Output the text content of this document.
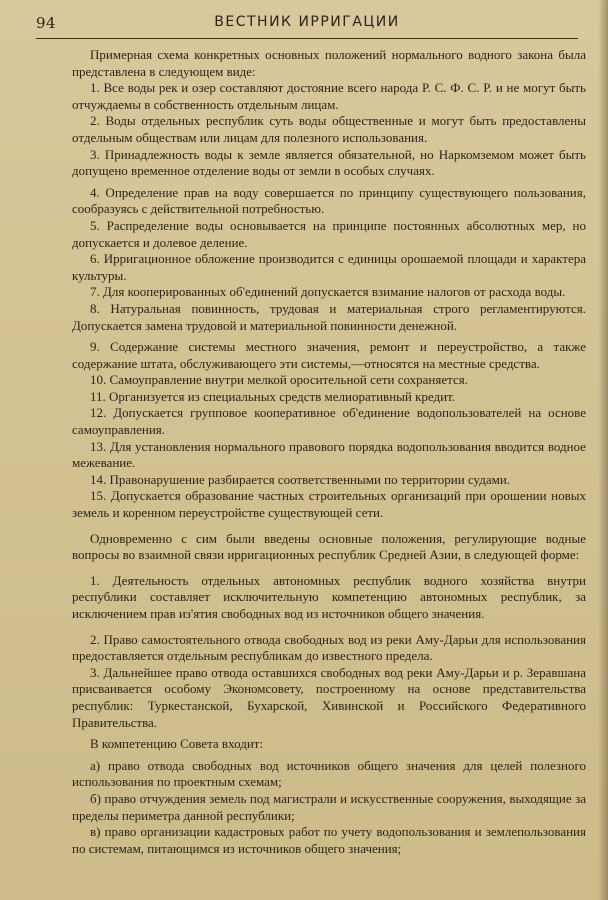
94	ВЕСТНИК ИРРИГАЦИИ

Примерная схема конкретных основных положений нормального водного закона была представлена в следующем виде:

1. Все воды рек и озер составляют достояние всего народа Р. С. Ф. С. Р. и не могут быть отчуждаемы в собственность отдельным лицам.

2. Воды отдельных республик суть воды общественные и могут быть предоставлены отдельным обществам или лицам для полезного использования.

3. Принадлежность воды к земле является обязательной, но Наркомземом может быть допущено временное отделение воды от земли в особых случаях.

4. Определение прав на воду совершается по принципу существующего пользования, сообразуясь с действительной потребностью.

5. Распределение воды основывается на принципе постоянных абсолютных мер, но допускается и долевое деление.

6. Ирригационное обложение производится с единицы орошаемой площади и характера культуры.

7. Для кооперированных об'единений допускается взимание налогов от расхода воды.

8. Натуральная повинность, трудовая и материальная строго регламентируются. Допускается замена трудовой и материальной повинности денежной.

9. Содержание системы местного значения, ремонт и переустройство, а также содержание штата, обслуживающего эти системы,—относятся на местные средства.

10. Самоуправление внутри мелкой оросительной сети сохраняется.

11. Организуется из специальных средств мелиоративный кредит.

12. Допускается групповое кооперативное об'единение водопользователей на основе самоуправления.

13. Для установления нормального правового порядка водопользования вводится водное межевание.

14. Правонарушение разбирается соответственными по территории судами.

15. Допускается образование частных строительных организаций при орошении новых земель и коренном переустройстве существующей сети.

Одновременно с сим были введены основные положения, регулирующие водные вопросы во взаимной связи ирригационных республик Средней Азии, в следующей форме:

1. Деятельность отдельных автономных республик водного хозяйства внутри республики составляет исключительную компетенцию автономных республик, за исключением прав из'ятия свободных вод из источников общего значения.

2. Право самостоятельного отвода свободных вод из реки Аму-Дарьи для использования предоставляется отдельным республикам до известного предела.

3. Дальнейшее право отвода оставшихся свободных вод реки Аму-Дарьи и р. Зеравшана присваивается особому Экономсовету, построенному на основе представительства республик: Туркестанской, Бухарской, Хивинской и Российского Федеративного Правительства.

В компетенцию Совета входит:

а) право отвода свободных вод источников общего значения для целей полезного использования по проектным схемам;

б) право отчуждения земель под магистрали и искусственные сооружения, выходящие за пределы периметра данной республики;

в) право организации кадастровых работ по учету водопользования и землепользования по системам, питающимся из источников общего значения;
